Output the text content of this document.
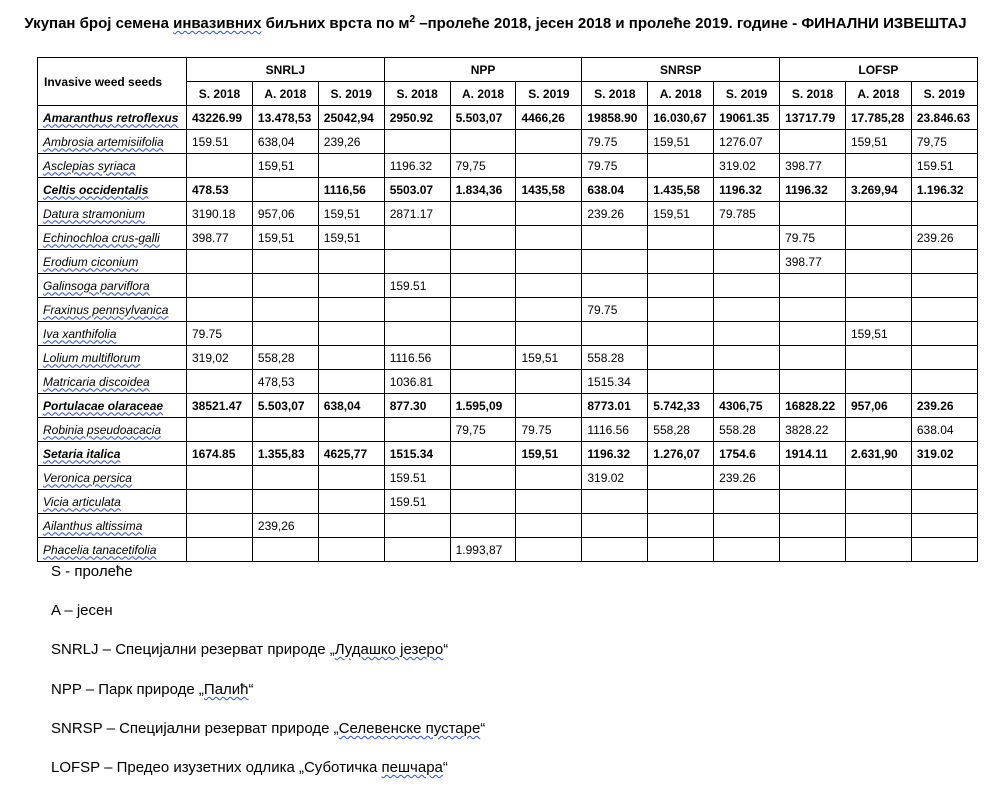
Укупан број семена инвазивних биљних врста по $м^2$ –пролеће 2018, јесен 2018 и пролеће 2019. године - ФИНАЛНИ ИЗВЕШТАЈ
Invasive weed seeds	SNRLJ			NPP			SNRSP			LOFSP		
	S. 2018	A. 2018	S. 2019	S. 2018	A. 2018	S. 2019	S. 2018	A. 2018	S. 2019	S. 2018	A. 2018	S. 2019
Amaranthus retroflexus	43226.99	13.478,53	25042,94	2950.92	5.503,07	4466,26	19858.90	16.030,67	19061.35	13717.79	17.785,28	23.846.63
Ambrosia artemisiifolia	159.51	638,04	239,26				79.75	159,51	1276.07		159,51	79,75
Asclepias syriaca		159,51		1196.32	79,75		79.75		319.02	398.77		159.51
Celtis occidentalis	478.53		1116,56	5503.07	1.834,36	1435,58	638.04	1.435,58	1196.32	1196.32	3.269,94	1.196.32
Datura stramonium	3190.18	957,06	159,51	2871.17			239.26	159,51	79.785			
Echinochloa crus-galli	398.77	159,51	159,51							79.75		239.26
Erodium ciconium										398.77		
Galinsoga parviflora				159.51								
Fraxinus pennsylvanica							79.75					
Iva xanthifolia	79.75										159,51	
Lolium multiflorum	319,02	558,28		1116.56		159,51	558.28					
Matricaria discoidea		478,53		1036.81			1515.34					
Portulacae olaraceae	38521.47	5.503,07	638,04	877.30	1.595,09		8773.01	5.742,33	4306,75	16828.22	957,06	239.26
Robinia pseudoacacia					79,75	79.75	1116.56	558,28	558.28	3828.22		638.04
Setaria italica	1674.85	1.355,83	4625,77	1515.34		159,51	1196.32	1.276,07	1754.6	1914.11	2.631,90	319.02
Veronica persica				159.51			319.02		239.26			
Vicia articulata				159.51								
Ailanthus altissima		239,26										
Phacelia tanacetifolia					1.993,87							
S - пролеће
A – јесен
SNRLJ – Специјални резерват природе „Лудашко језеро“
NPP – Парк природе „Палић“
SNRSP – Специјални резерват природе „Селевенске пустаре“
LOFSP – Предео изузетних одлика „Суботичка пешчара“
